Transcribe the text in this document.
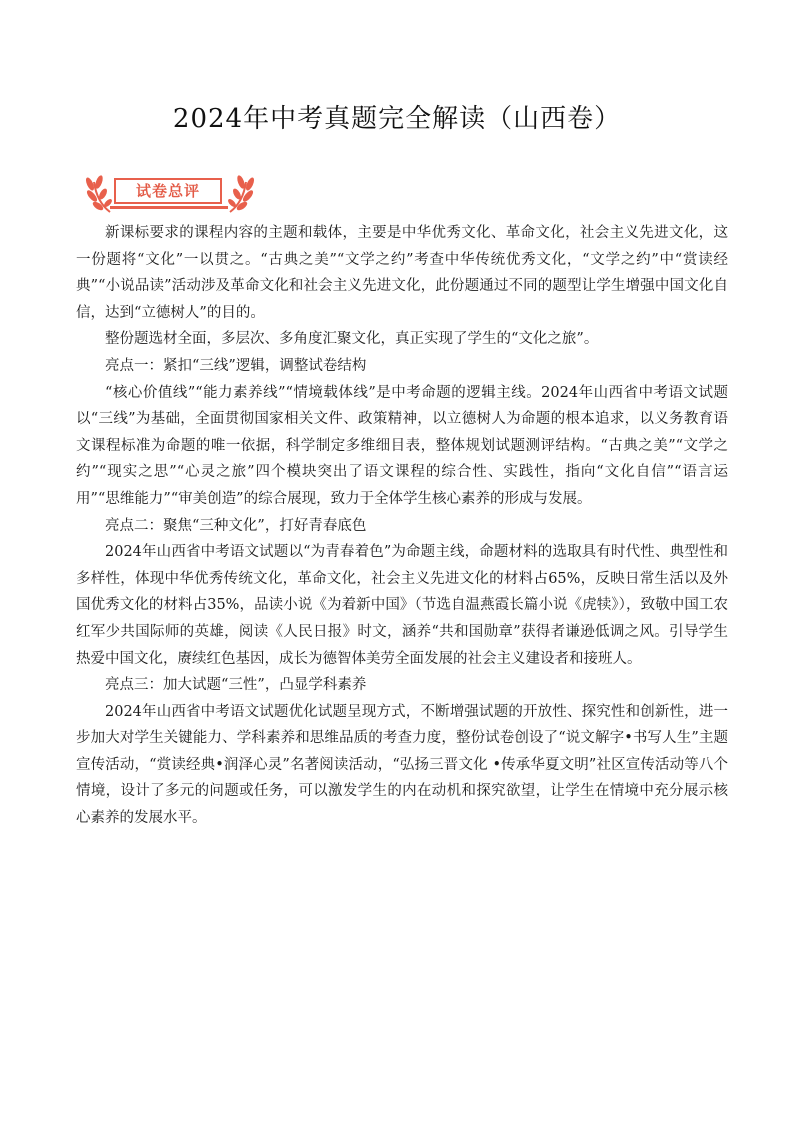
2024年中考真题完全解读（山西卷）
试卷总评

新课标要求的课程内容的主题和载体，主要是中华优秀文化、革命文化，社会主义先进文化，这一份题将“文化”一以贯之。“古典之美”“文学之约”考查中华传统优秀文化，“文学之约”中“赏读经典”“小说品读”活动涉及革命文化和社会主义先进文化，此份题通过不同的题型让学生增强中国文化自信，达到“立德树人”的目的。

整份题选材全面，多层次、多角度汇聚文化，真正实现了学生的“文化之旅”。

亮点一：紧扣“三线”逻辑，调整试卷结构

“核心价值线”“能力素养线”“情境载体线”是中考命题的逻辑主线。2024年山西省中考语文试题以“三线”为基础，全面贯彻国家相关文件、政策精神，以立德树人为命题的根本追求，以义务教育语文课程标准为命题的唯一依据，科学制定多维细目表，整体规划试题测评结构。“古典之美”“文学之约”“现实之思”“心灵之旅”四个模块突出了语文课程的综合性、实践性，指向“文化自信”“语言运用”“思维能力”“审美创造”的综合展现，致力于全体学生核心素养的形成与发展。

亮点二：聚焦“三种文化”，打好青春底色

2024年山西省中考语文试题以“为青春着色”为命题主线，命题材料的选取具有时代性、典型性和多样性，体现中华优秀传统文化，革命文化，社会主义先进文化的材料占65%，反映日常生活以及外国优秀文化的材料占35%，品读小说《为着新中国》（节选自温燕霞长篇小说《虎犊》），致敬中国工农红军少共国际师的英雄，阅读《人民日报》时文，涵养“共和国勋章”获得者谦逊低调之风。引导学生热爱中国文化，赓续红色基因，成长为德智体美劳全面发展的社会主义建设者和接班人。

亮点三：加大试题“三性”，凸显学科素养

2024年山西省中考语文试题优化试题呈现方式，不断增强试题的开放性、探究性和创新性，进一步加大对学生关键能力、学科素养和思维品质的考查力度，整份试卷创设了“说文解字•书写人生”主题宣传活动，“赏读经典•润泽心灵”名著阅读活动，“弘扬三晋文化 •传承华夏文明”社区宣传活动等八个情境，设计了多元的问题或任务，可以激发学生的内在动机和探究欲望，让学生在情境中充分展示核心素养的发展水平。
